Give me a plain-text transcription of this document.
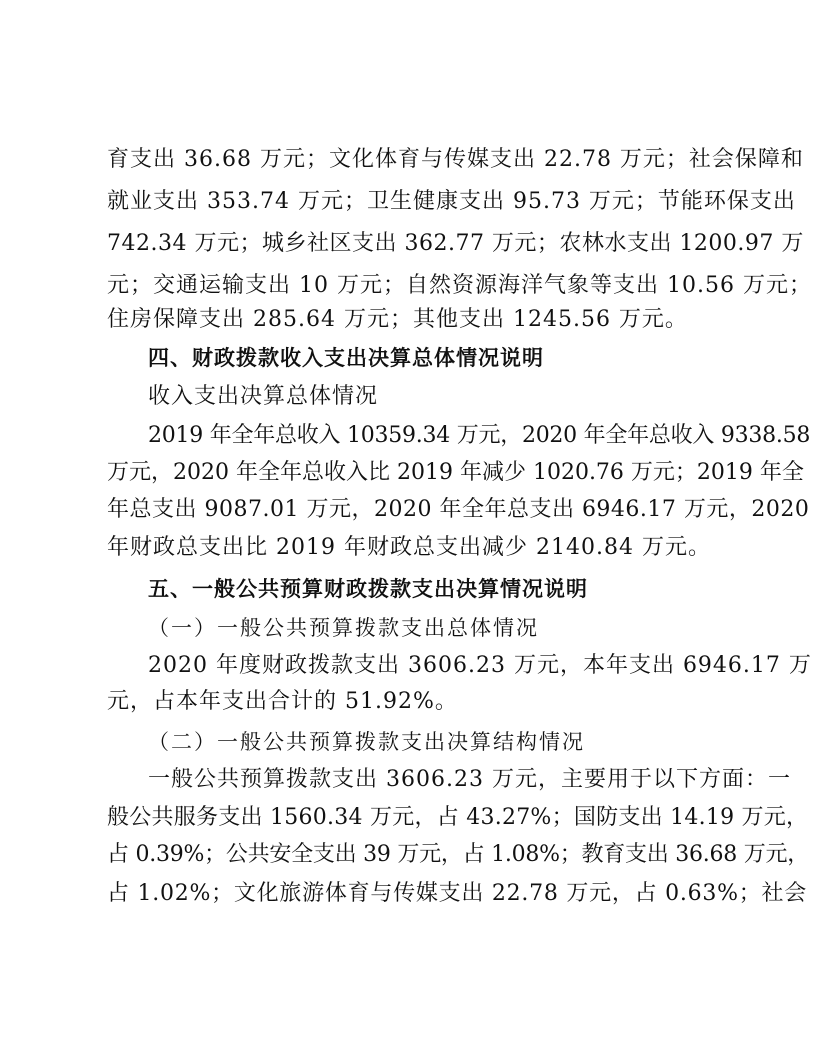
育支出 36.68 万元；文化体育与传媒支出 22.78 万元；社会保障和

就业支出 353.74 万元；卫生健康支出 95.73 万元；节能环保支出

742.34 万元；城乡社区支出 362.77 万元；农林水支出 1200.97 万

元；交通运输支出 10 万元；自然资源海洋气象等支出 10.56 万元；

住房保障支出 285.64 万元；其他支出 1245.56 万元。

四、财政拨款收入支出决算总体情况说明

收入支出决算总体情况

2019 年全年总收入 10359.34 万元，2020 年全年总收入 9338.58

万元，2020 年全年总收入比 2019 年减少 1020.76 万元；2019 年全

年总支出 9087.01 万元，2020 年全年总支出 6946.17 万元，2020

年财政总支出比 2019 年财政总支出减少 2140.84 万元。

五、一般公共预算财政拨款支出决算情况说明

（一）一般公共预算拨款支出总体情况

2020 年度财政拨款支出 3606.23 万元，本年支出 6946.17 万

元，占本年支出合计的 51.92%。

（二）一般公共预算拨款支出决算结构情况

一般公共预算拨款支出 3606.23 万元，主要用于以下方面：一

般公共服务支出 1560.34 万元，占 43.27%；国防支出 14.19 万元，

占 0.39%；公共安全支出 39 万元，占 1.08%；教育支出 36.68 万元，

占 1.02%；文化旅游体育与传媒支出 22.78 万元，占 0.63%；社会
